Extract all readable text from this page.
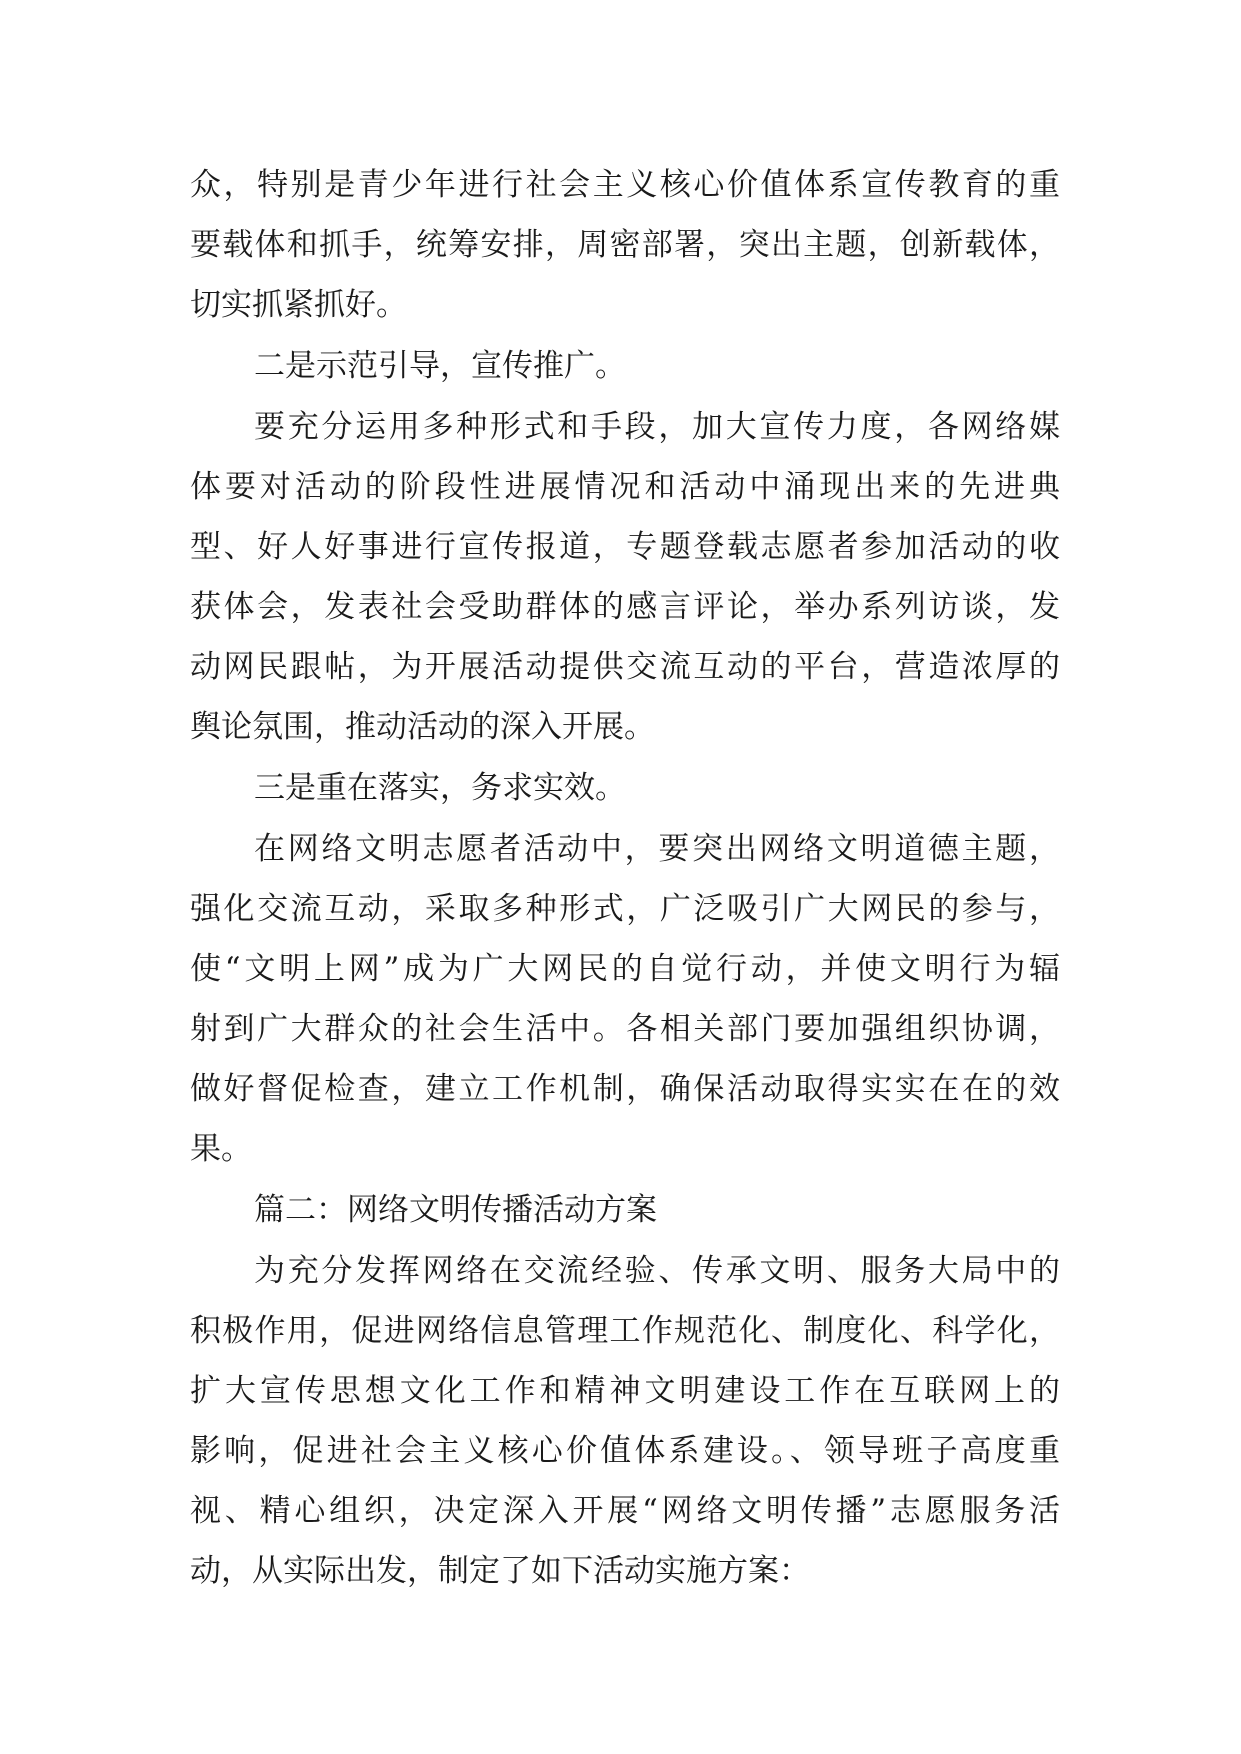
众，特别是青少年进行社会主义核心价值体系宣传教育的重
要载体和抓手，统筹安排，周密部署，突出主题，创新载体，
切实抓紧抓好。
二是示范引导，宣传推广。
要充分运用多种形式和手段，加大宣传力度，各网络媒
体要对活动的阶段性进展情况和活动中涌现出来的先进典
型、好人好事进行宣传报道，专题登载志愿者参加活动的收
获体会，发表社会受助群体的感言评论，举办系列访谈，发
动网民跟帖，为开展活动提供交流互动的平台，营造浓厚的
舆论氛围，推动活动的深入开展。
三是重在落实，务求实效。
在网络文明志愿者活动中，要突出网络文明道德主题，
强化交流互动，采取多种形式，广泛吸引广大网民的参与，
使“文明上网”成为广大网民的自觉行动，并使文明行为辐
射到广大群众的社会生活中。各相关部门要加强组织协调，
做好督促检查，建立工作机制，确保活动取得实实在在的效
果。
篇二：网络文明传播活动方案
为充分发挥网络在交流经验、传承文明、服务大局中的
积极作用，促进网络信息管理工作规范化、制度化、科学化，
扩大宣传思想文化工作和精神文明建设工作在互联网上的
影响，促进社会主义核心价值体系建设。、领导班子高度重
视、精心组织，决定深入开展“网络文明传播”志愿服务活
动，从实际出发，制定了如下活动实施方案：
